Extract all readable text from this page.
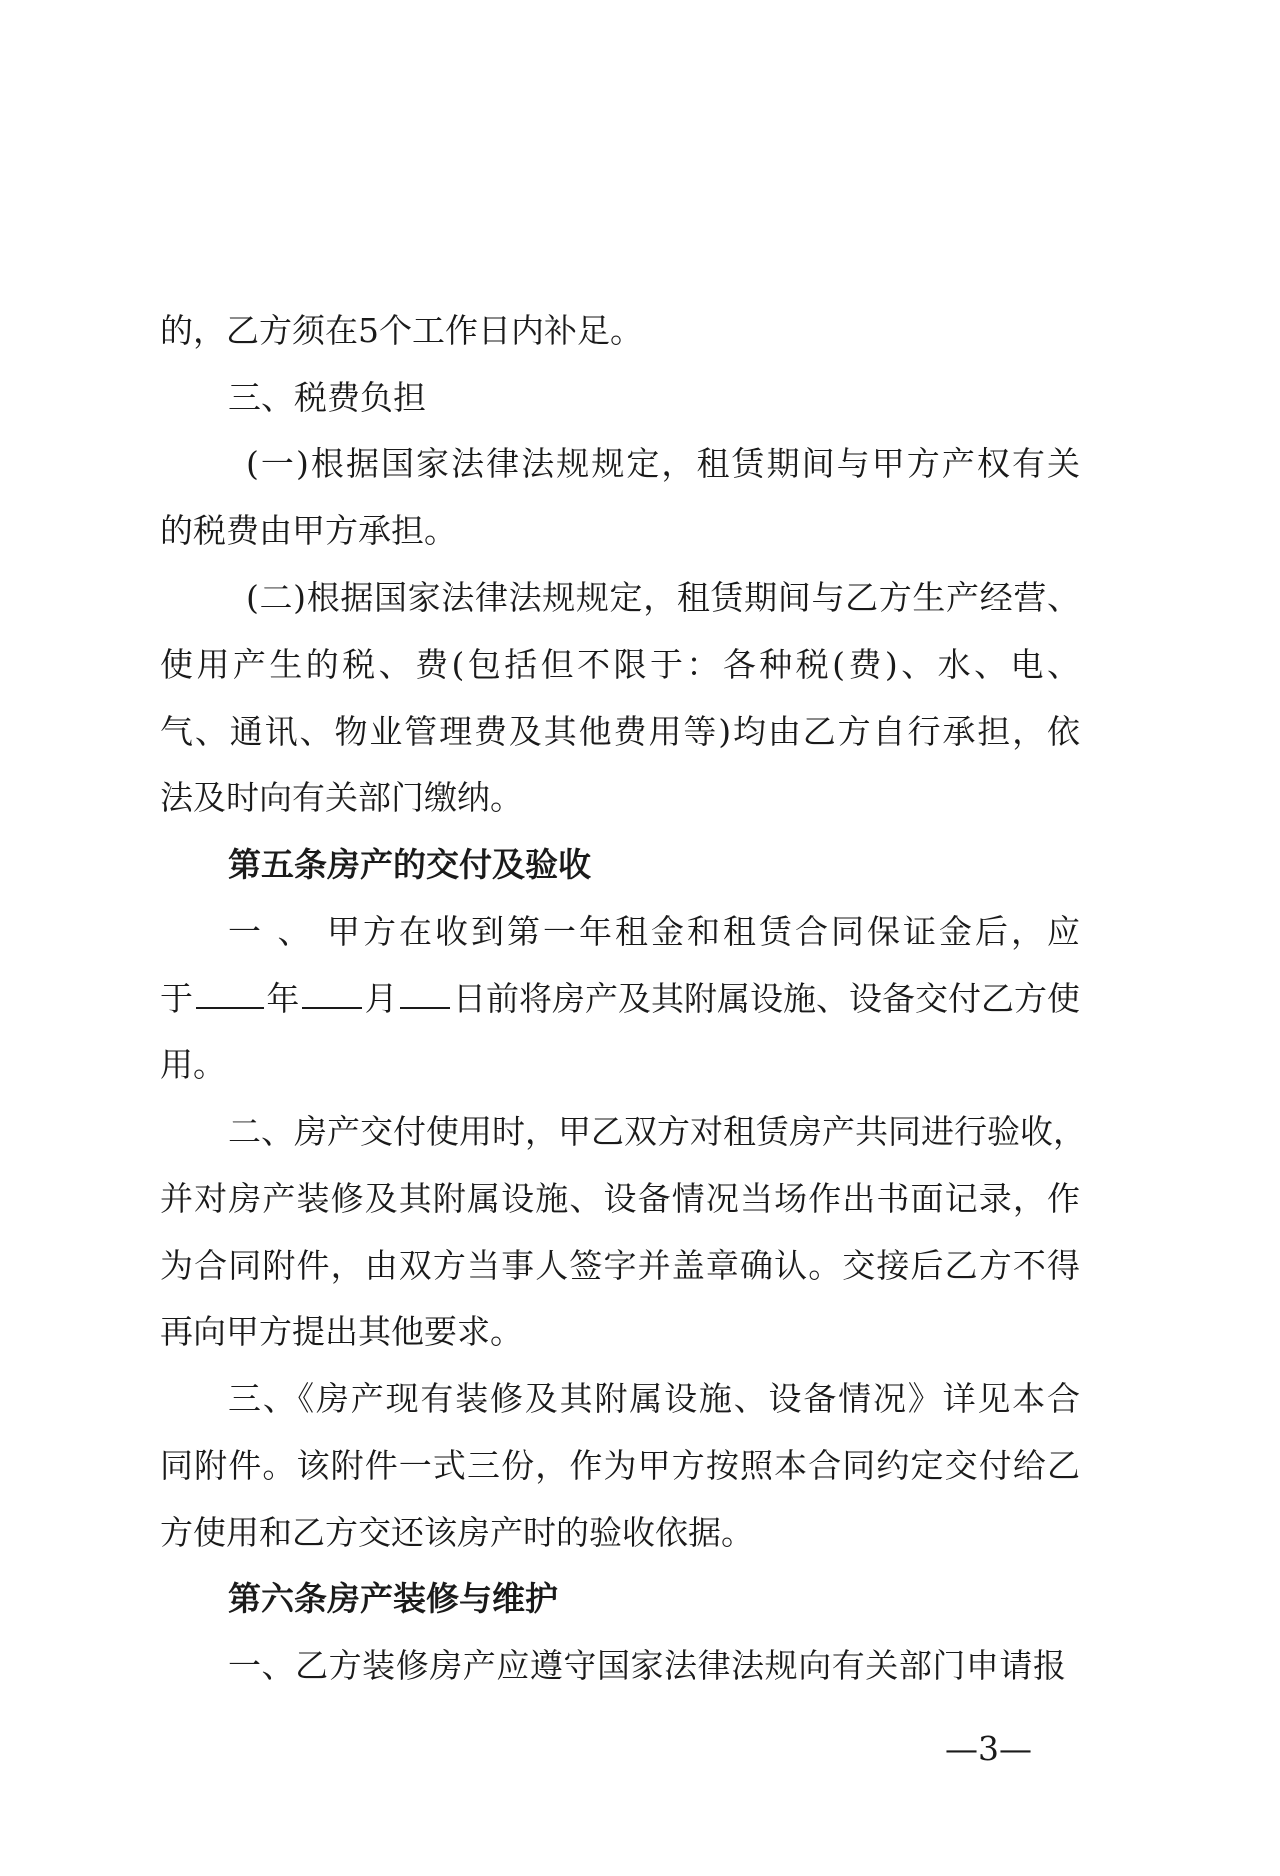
的，乙方须在5个工作日内补足。
三、税费负担
(一)根据国家法律法规规定，租赁期间与甲方产权有关
的税费由甲方承担。
(二)根据国家法律法规规定，租赁期间与乙方生产经营、
使用产生的税、费(包括但不限于：各种税(费)、水、电、
气、通讯、物业管理费及其他费用等)均由乙方自行承担，依
法及时向有关部门缴纳。
第五条房产的交付及验收
一 、 甲方在收到第一年租金和租赁合同保证金后，应
于 年 月 日前将房产及其附属设施、设备交付乙方使
用。
二、房产交付使用时，甲乙双方对租赁房产共同进行验收，
并对房产装修及其附属设施、设备情况当场作出书面记录，作
为合同附件，由双方当事人签字并盖章确认。交接后乙方不得
再向甲方提出其他要求。
三、《房产现有装修及其附属设施、设备情况》详见本合
同附件。该附件一式三份，作为甲方按照本合同约定交付给乙
方使用和乙方交还该房产时的验收依据。
第六条房产装修与维护
一、乙方装修房产应遵守国家法律法规向有关部门申请报
—3—
